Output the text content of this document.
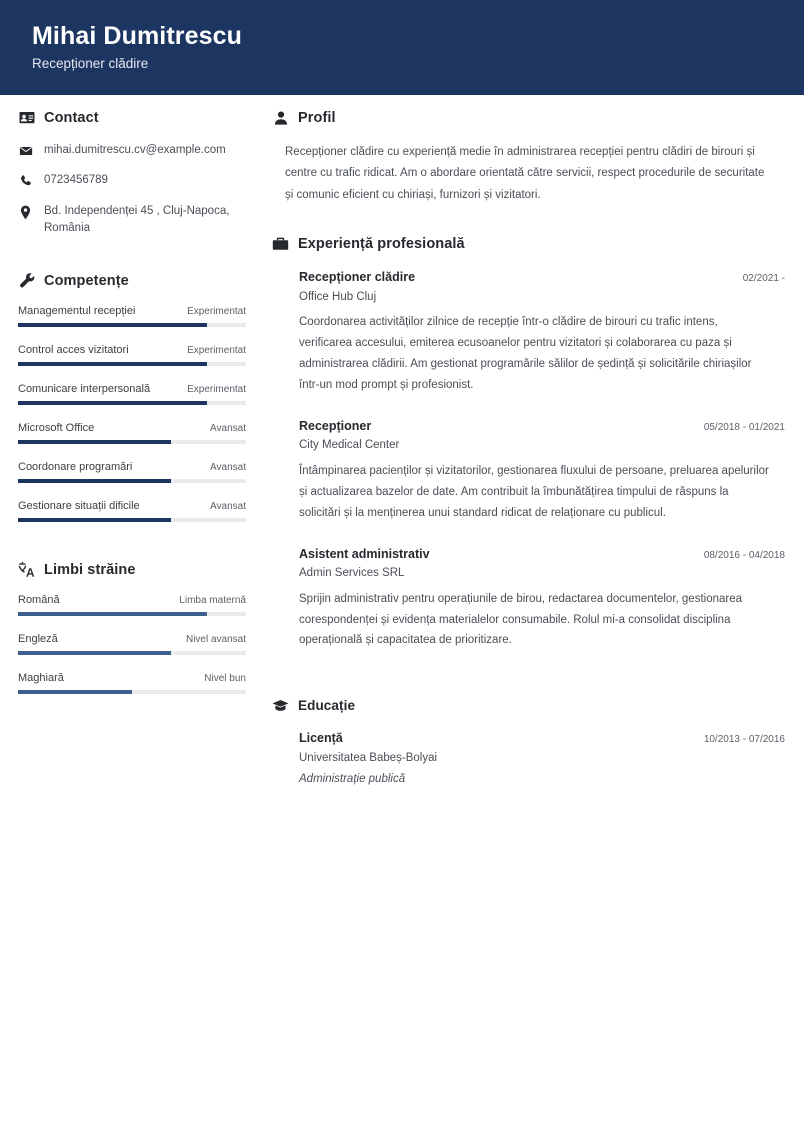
Mihai Dumitrescu
Recepționer clădire
Contact
mihai.dumitrescu.cv@example.com
0723456789
Bd. Independenței 45 , Cluj-Napoca, România
Competențe
Managementul recepției	Experimentat
Control acces vizitatori	Experimentat
Comunicare interpersonală	Experimentat
Microsoft Office	Avansat
Coordonare programări	Avansat
Gestionare situații dificile	Avansat
Limbi străine
Română	Limba maternă
Engleză	Nivel avansat
Maghiară	Nivel bun
Profil

Recepționer clădire cu experiență medie în administrarea recepției pentru clădiri de birouri și centre cu trafic ridicat. Am o abordare orientată către servicii, respect procedurile de securitate și comunic eficient cu chiriași, furnizori și vizitatori.

Experiență profesională
Recepționer clădire	02/2021 -
Office Hub Cluj
Coordonarea activităților zilnice de recepție într-o clădire de birouri cu trafic intens, verificarea accesului, emiterea ecusoanelor pentru vizitatori și colaborarea cu paza și administrarea clădirii. Am gestionat programările sălilor de ședință și solicitările chiriașilor într-un mod prompt și profesionist.
Recepționer	05/2018 - 01/2021
City Medical Center
Întâmpinarea pacienților și vizitatorilor, gestionarea fluxului de persoane, preluarea apelurilor și actualizarea bazelor de date. Am contribuit la îmbunătățirea timpului de răspuns la solicitări și la menținerea unui standard ridicat de relaționare cu publicul.
Asistent administrativ	08/2016 - 04/2018
Admin Services SRL
Sprijin administrativ pentru operațiunile de birou, redactarea documentelor, gestionarea corespondenței și evidența materialelor consumabile. Rolul mi-a consolidat disciplina operațională și capacitatea de prioritizare.
Educație
Licență	10/2013 - 07/2016
Universitatea Babeș-Bolyai
Administrație publică
